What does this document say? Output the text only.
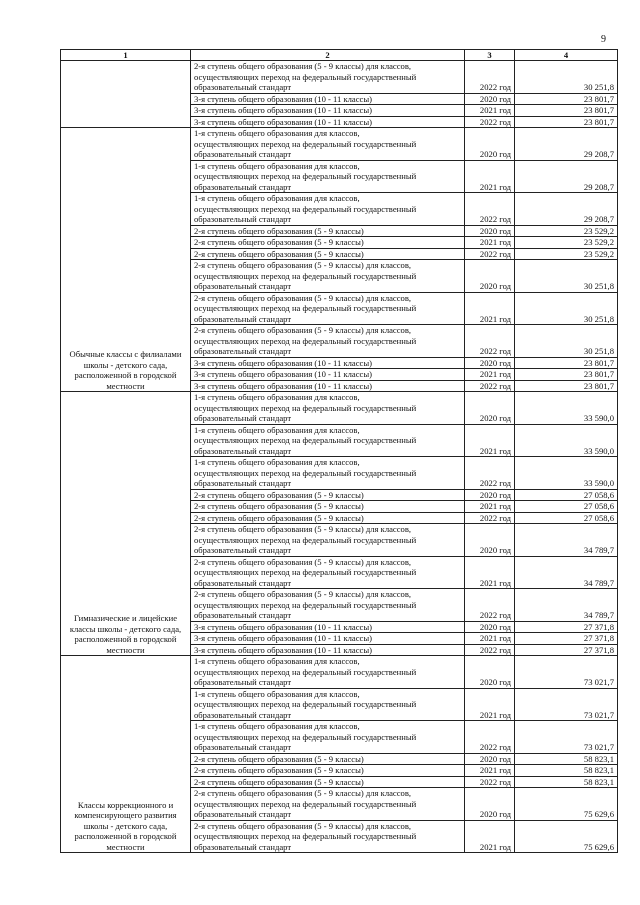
9
1	2	3	4

	2-я ступень общего образования (5 - 9 классы) для классов,
осуществляющих переход на федеральный государственный
образовательный стандарт	2022 год	30 251,8

	3-я ступень общего образования (10 - 11 классы)	2020 год	23 801,7

	3-я ступень общего образования (10 - 11 классы)	2021 год	23 801,7

	3-я ступень общего образования (10 - 11 классы)	2022 год	23 801,7
Обычные классы с филиалами школы - детского сада, расположенной в городской местности	1-я ступень общего образования для классов,
осуществляющих переход на федеральный государственный
образовательный стандарт	2020 год	29 208,7

	1-я ступень общего образования для классов,
осуществляющих переход на федеральный государственный
образовательный стандарт	2021 год	29 208,7

	1-я ступень общего образования для классов,
осуществляющих переход на федеральный государственный
образовательный стандарт	2022 год	29 208,7

	2-я ступень общего образования (5 - 9 классы)	2020 год	23 529,2

	2-я ступень общего образования (5 - 9 классы)	2021 год	23 529,2

	2-я ступень общего образования (5 - 9 классы)	2022 год	23 529,2

	2-я ступень общего образования (5 - 9 классы) для классов,
осуществляющих переход на федеральный государственный
образовательный стандарт	2020 год	30 251,8

	2-я ступень общего образования (5 - 9 классы) для классов,
осуществляющих переход на федеральный государственный
образовательный стандарт	2021 год	30 251,8

	2-я ступень общего образования (5 - 9 классы) для классов,
осуществляющих переход на федеральный государственный
образовательный стандарт	2022 год	30 251,8

	3-я ступень общего образования (10 - 11 классы)	2020 год	23 801,7

	3-я ступень общего образования (10 - 11 классы)	2021 год	23 801,7

	3-я ступень общего образования (10 - 11 классы)	2022 год	23 801,7
Гимназические и лицейские классы школы - детского сада, расположенной в городской местности	1-я ступень общего образования для классов,
осуществляющих переход на федеральный государственный
образовательный стандарт	2020 год	33 590,0

	1-я ступень общего образования для классов,
осуществляющих переход на федеральный государственный
образовательный стандарт	2021 год	33 590,0

	1-я ступень общего образования для классов,
осуществляющих переход на федеральный государственный
образовательный стандарт	2022 год	33 590,0

	2-я ступень общего образования (5 - 9 классы)	2020 год	27 058,6

	2-я ступень общего образования (5 - 9 классы)	2021 год	27 058,6

	2-я ступень общего образования (5 - 9 классы)	2022 год	27 058,6

	2-я ступень общего образования (5 - 9 классы) для классов,
осуществляющих переход на федеральный государственный
образовательный стандарт	2020 год	34 789,7

	2-я ступень общего образования (5 - 9 классы) для классов,
осуществляющих переход на федеральный государственный
образовательный стандарт	2021 год	34 789,7

	2-я ступень общего образования (5 - 9 классы) для классов,
осуществляющих переход на федеральный государственный
образовательный стандарт	2022 год	34 789,7

	3-я ступень общего образования (10 - 11 классы)	2020 год	27 371,8

	3-я ступень общего образования (10 - 11 классы)	2021 год	27 371,8

	3-я ступень общего образования (10 - 11 классы)	2022 год	27 371,8
Классы коррекционного и компенсирующего развития школы - детского сада, расположенной в городской местности	1-я ступень общего образования для классов,
осуществляющих переход на федеральный государственный
образовательный стандарт	2020 год	73 021,7

	1-я ступень общего образования для классов,
осуществляющих переход на федеральный государственный
образовательный стандарт	2021 год	73 021,7

	1-я ступень общего образования для классов,
осуществляющих переход на федеральный государственный
образовательный стандарт	2022 год	73 021,7

	2-я ступень общего образования (5 - 9 классы)	2020 год	58 823,1

	2-я ступень общего образования (5 - 9 классы)	2021 год	58 823,1

	2-я ступень общего образования (5 - 9 классы)	2022 год	58 823,1

	2-я ступень общего образования (5 - 9 классы) для классов,
осуществляющих переход на федеральный государственный
образовательный стандарт	2020 год	75 629,6

	2-я ступень общего образования (5 - 9 классы) для классов,
осуществляющих переход на федеральный государственный
образовательный стандарт	2021 год	75 629,6
